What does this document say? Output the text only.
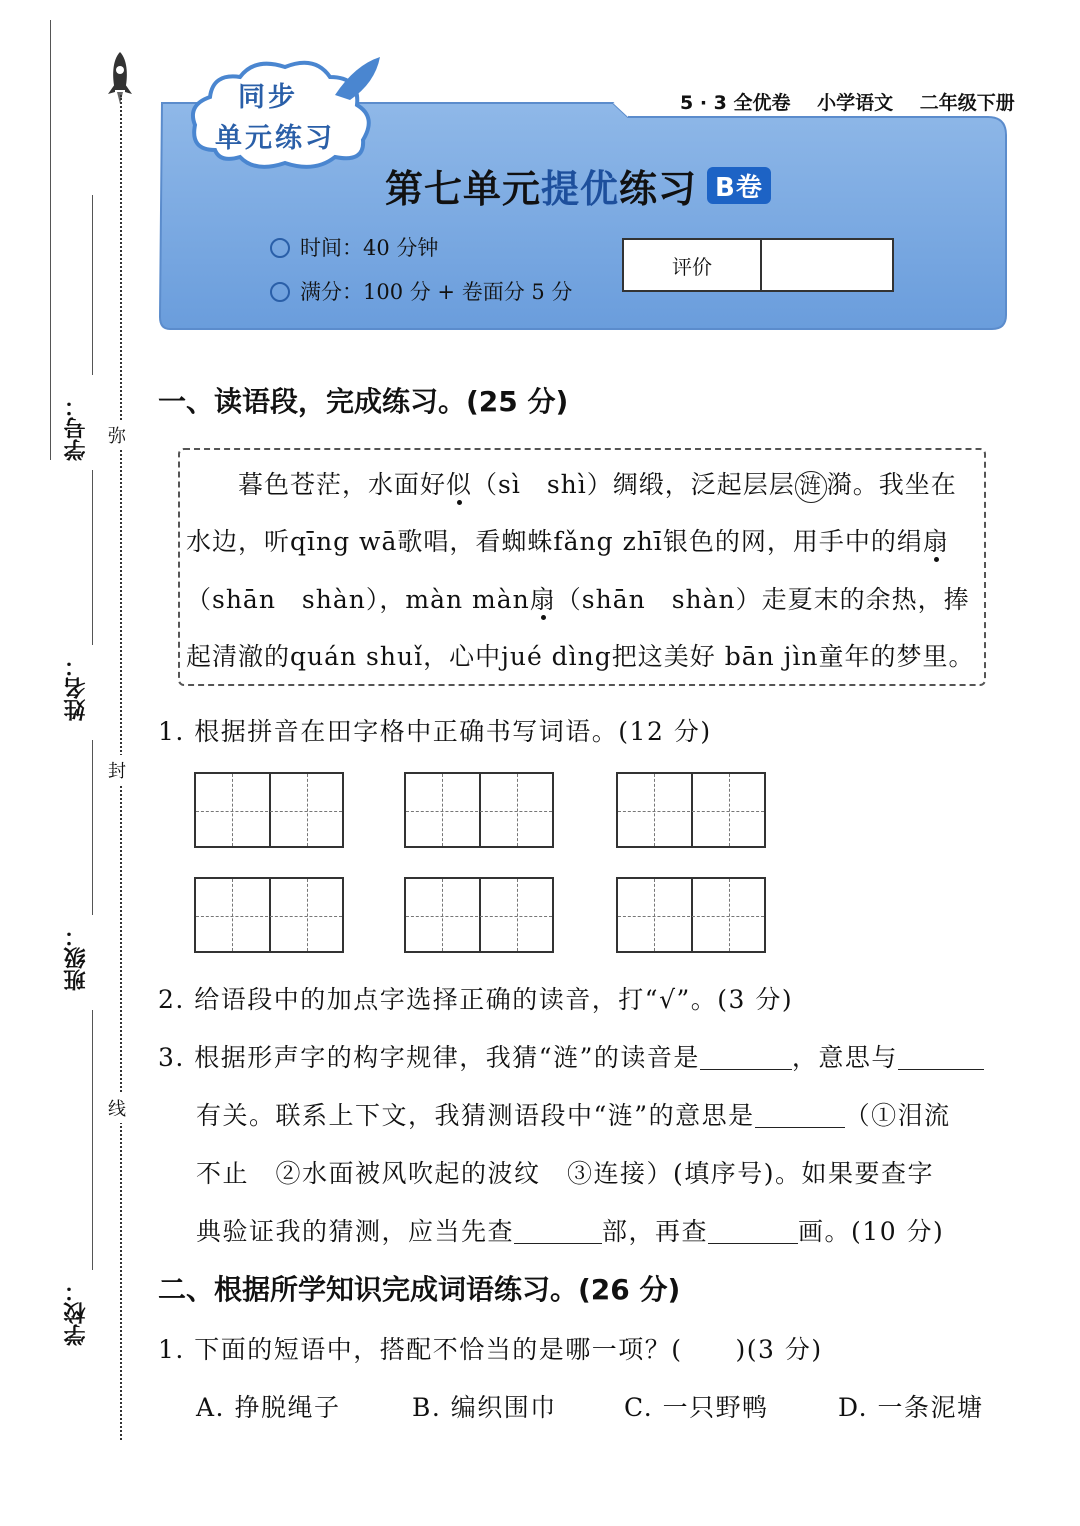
学号：
姓名：
班级：
学校：
弥
封
线
同步
单元练习
5 · 3 全优卷 小学语文 二年级下册
第七单元提优练习 B卷
时间：40 分钟
满分：100 分 + 卷面分 5 分
评价
一、读语段，完成练习。(25 分)
暮色苍茫，水面好似（sì　shì）绸缎，泛起层层 涟 漪。我坐在
水边，听qīng wā歌唱，看蜘蛛fǎng zhī银色的网，用手中的绢扇
（shān　shàn），màn màn扇（shān　shàn）走夏末的余热，捧
起清澈的quán shuǐ，心中jué dìng把这美好 bān jìn童年的梦里。
1. 根据拼音在田字格中正确书写词语。(12 分)
2. 给语段中的加点字选择正确的读音，打“√”。(3 分)
3. 根据形声字的构字规律，我猜“涟”的读音是	，意思与
有关。联系上下文，我猜测语段中“涟”的意思是	（①泪流
不止　②水面被风吹起的波纹　③连接）(填序号)。如果要查字
典验证我的猜测，应当先查	部，再查	画。(10 分)
二、根据所学知识完成词语练习。(26 分)
1. 下面的短语中，搭配不恰当的是哪一项？(　　)(3 分)
A. 挣脱绳子	B. 编织围巾	C. 一只野鸭	D. 一条泥塘
